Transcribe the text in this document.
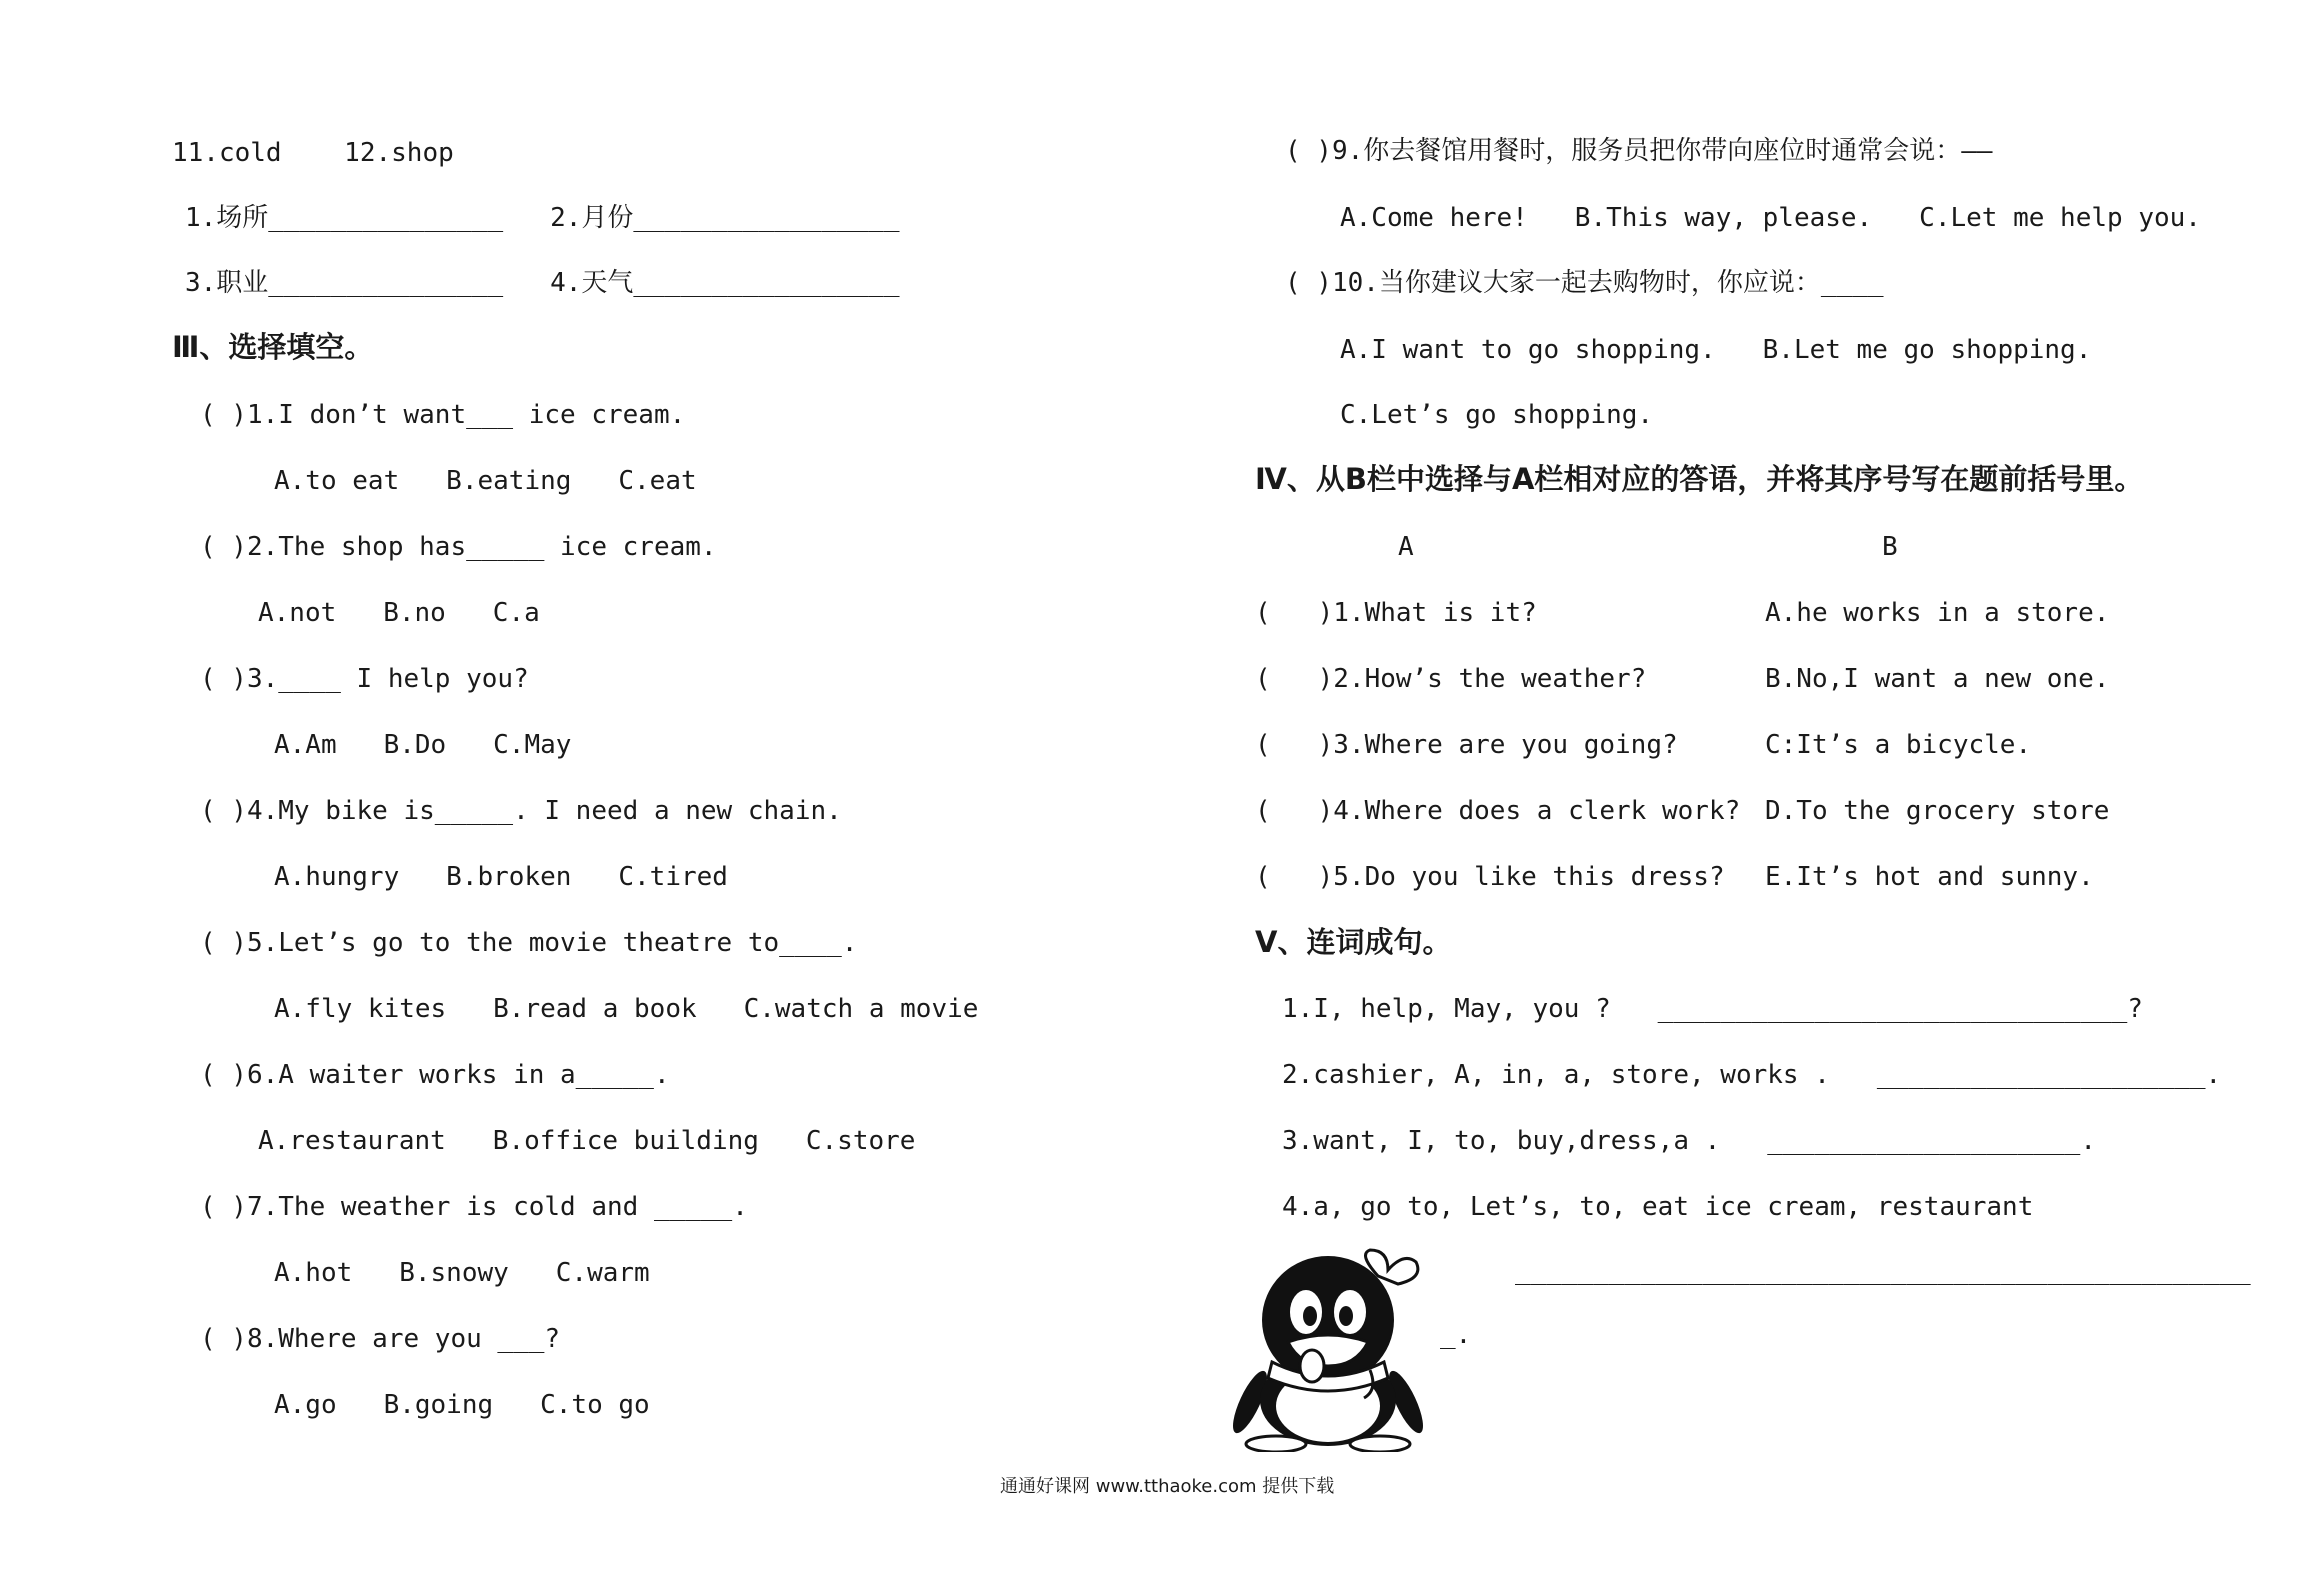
11.cold    12.shop
1.场所_______________   2.月份_________________
3.职业_______________   4.天气_________________
Ⅲ、选择填空。
( )1.I don’t want___ ice cream.
A.to eat   B.eating   C.eat
( )2.The shop has_____ ice cream.
A.not   B.no   C.a
( )3.____ I help you?
A.Am   B.Do   C.May
( )4.My bike is_____. I need a new chain.
A.hungry   B.broken   C.tired
( )5.Let’s go to the movie theatre to____.
A.fly kites   B.read a book   C.watch a movie
( )6.A waiter works in a_____.
A.restaurant   B.office building   C.store
( )7.The weather is cold and _____.
A.hot   B.snowy   C.warm
( )8.Where are you ___?
A.go   B.going   C.to go
( )9.你去餐馆用餐时，服务员把你带向座位时通常会说：——
A.Come here!   B.This way, please.   C.Let me help you.
( )10.当你建议大家一起去购物时，你应说：____
A.I want to go shopping.   B.Let me go shopping.
C.Let’s go shopping.
Ⅳ、从B栏中选择与A栏相对应的答语，并将其序号写在题前括号里。
A	B
(   )1.What is it?	A.he works in a store.
(   )2.How’s the weather?	B.No,I want a new one.
(   )3.Where are you going?	C:It’s a bicycle.
(   )4.Where does a clerk work? D.To the grocery store
(   )5.Do you like this dress? E.It’s hot and sunny.
Ⅴ、连词成句。
1.I, help, May, you ?   ______________________________?
2.cashier, A, in, a, store, works .   _____________________.
3.want, I, to, buy,dress,a .   ____________________.
4.a, go to, Let’s, to, eat ice cream, restaurant
_______________________________________________
_.
通通好课网 www.tthaoke.com 提供下载
